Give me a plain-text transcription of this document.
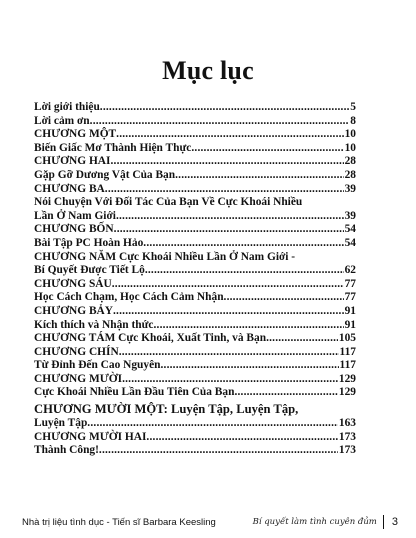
Mục lục
Lời giới thiệu .....	5
Lời cảm ơn .....	8
CHƯƠNG MỘT .....	10
Biến Giấc Mơ Thành Hiện Thực .....	10
CHƯƠNG HAI .....	28
Gặp Gỡ Dương Vật Của Bạn .....	28
CHƯƠNG BA .....	39
Nói Chuyện Với Đối Tác Của Bạn Về Cực Khoái Nhiều
Lần Ở Nam Giới .....	39
CHƯƠNG BỐN .....	54
Bài Tập PC Hoàn Hảo .....	54
CHƯƠNG NĂM Cực Khoái Nhiều Lần Ở Nam Giới -
Bí Quyết Được Tiết Lộ .....	62
CHƯƠNG SÁU .....	77
Học Cách Chạm, Học Cách Cảm Nhận .....	77
CHƯƠNG BẢY .....	91
Kích thích và Nhận thức .....	91
CHƯƠNG TÁM Cực Khoái, Xuất Tinh, và Bạn .....	105
CHƯƠNG CHÍN .....	117
Từ Đỉnh Đến Cao Nguyên .....	117
CHƯƠNG MƯỜI .....	129
Cực Khoái Nhiều Lần Đầu Tiên Của Bạn .....	129
CHƯƠNG MƯỜI MỘT: Luyện Tập, Luyện Tập,
Luyện Tập .....	163
CHƯƠNG MƯỜI HAI .....	173
Thành Công! .....	173
Nhà trị liệu tình dục - Tiến sĩ Barbara Keesling	Bí quyết làm tình cuyên đủm 3
